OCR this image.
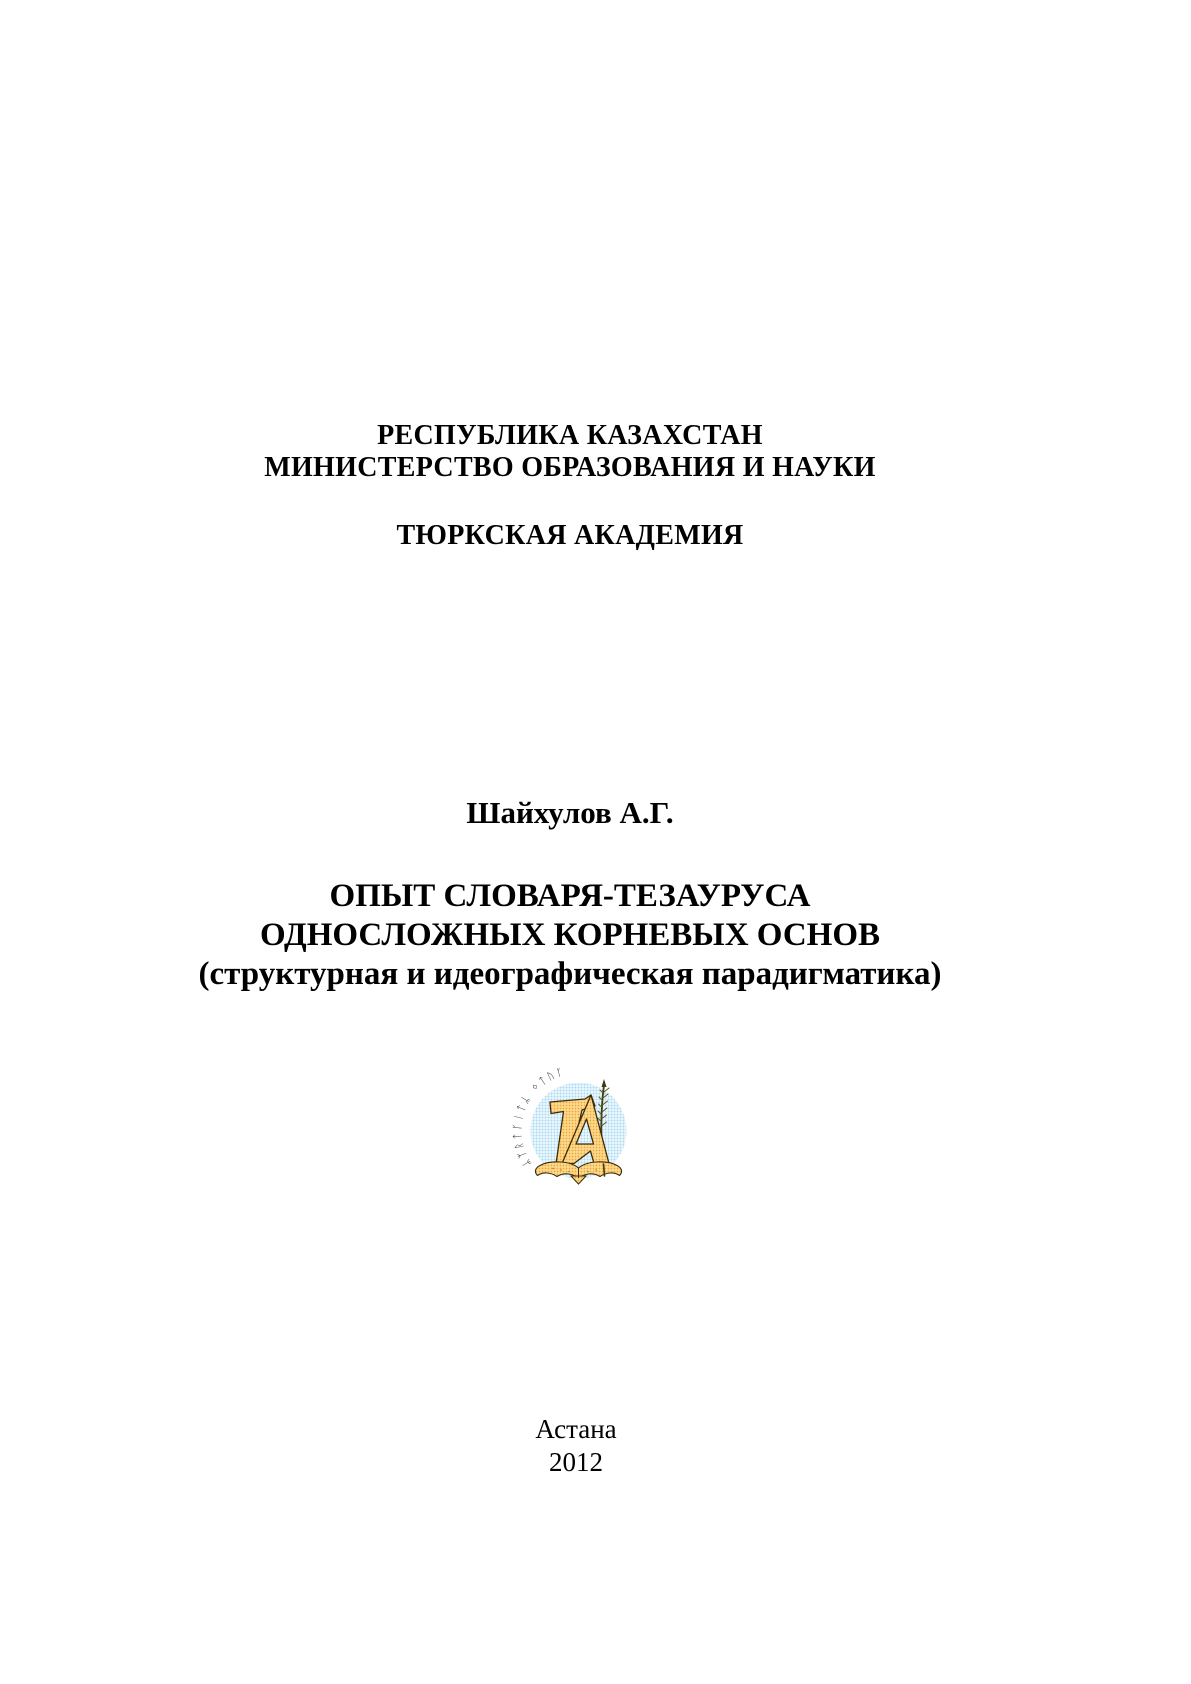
РЕСПУБЛИКА КАЗАХСТАН
МИНИСТЕРСТВО ОБРАЗОВАНИЯ И НАУКИ
ТЮРКСКАЯ АКАДЕМИЯ
Шайхулов А.Г.
ОПЫТ СЛОВАРЯ-ТЕЗАУРУСА
ОДНОСЛОЖНЫХ КОРНЕВЫХ ОСНОВ
(структурная и идеографическая парадигматика)
ᛦᛉᚱᛏᚴᛁᛏᛦ ᛜᛏᚢᚴ
Астана
2012
